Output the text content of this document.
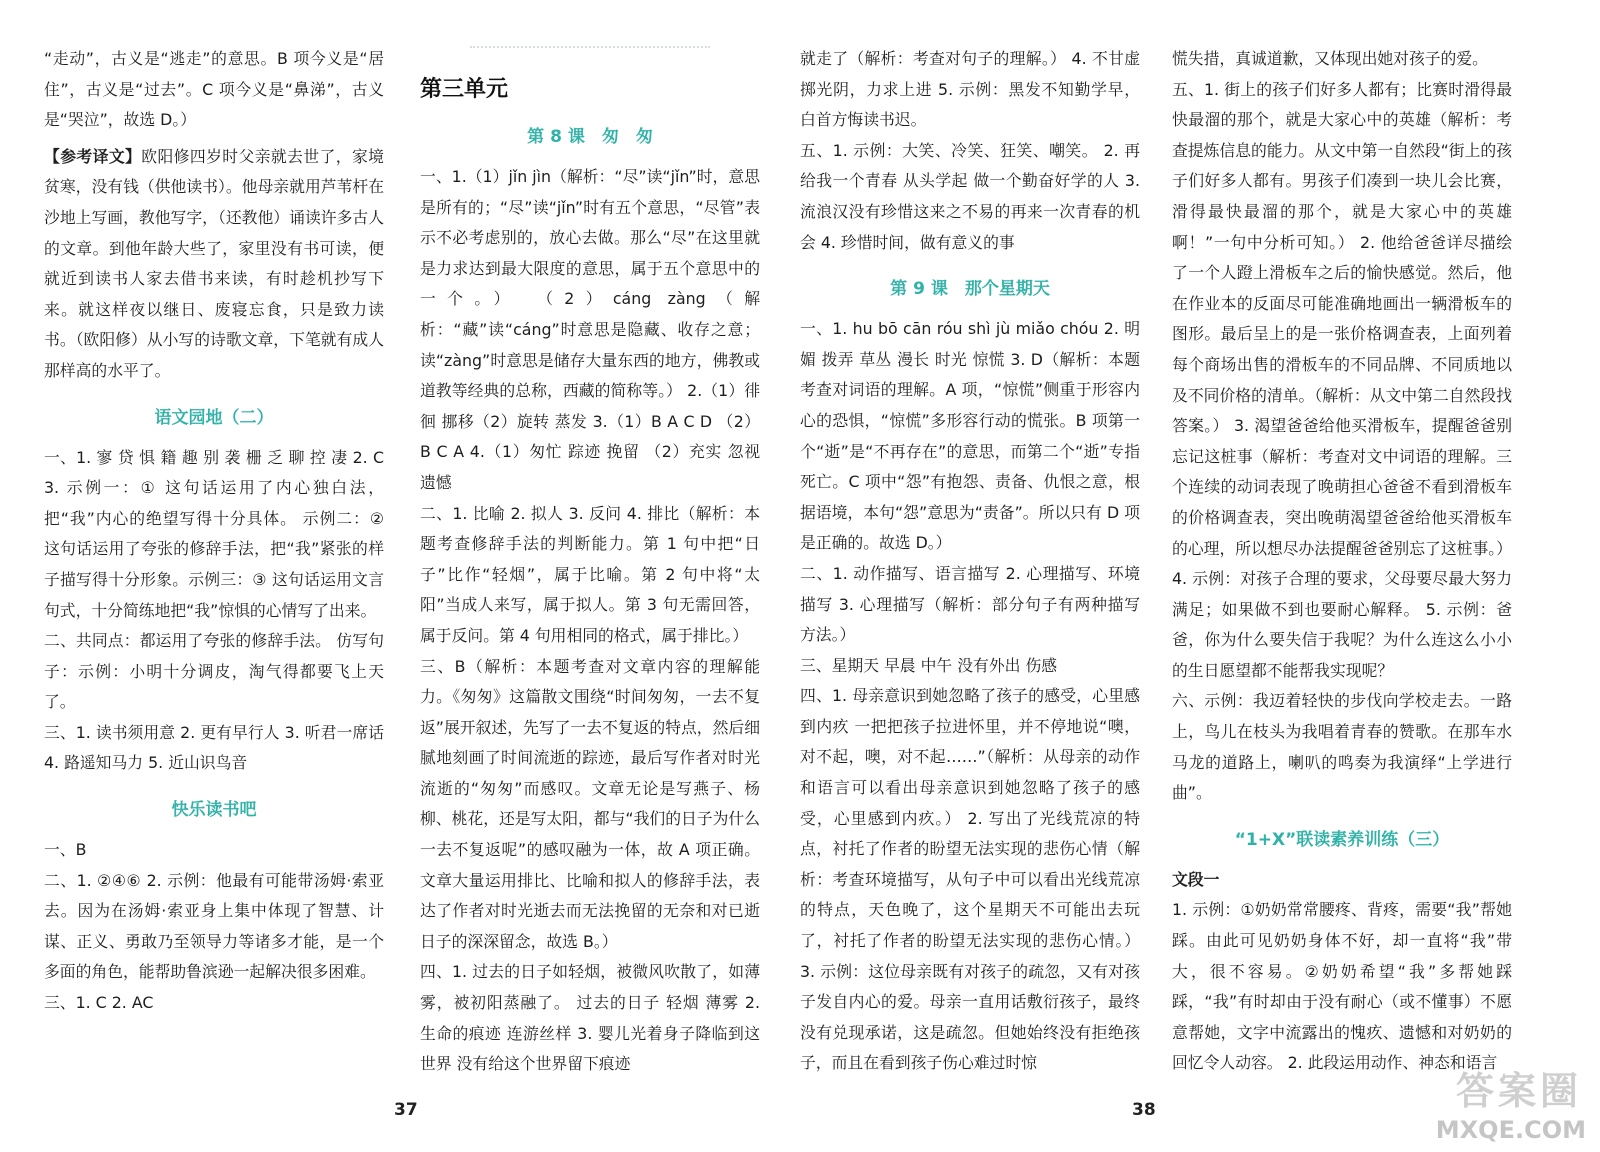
“走动”，古义是“逃走”的意思。B 项今义是“居住”，古义是“过去”。C 项今义是“鼻涕”，古义是“哭泣”，故选 D。）

【参考译文】欧阳修四岁时父亲就去世了，家境贫寒，没有钱（供他读书）。他母亲就用芦苇杆在沙地上写画，教他写字，（还教他）诵读许多古人的文章。到他年龄大些了，家里没有书可读，便就近到读书人家去借书来读，有时趁机抄写下来。就这样夜以继日、废寝忘食，只是致力读书。（欧阳修）从小写的诗歌文章，下笔就有成人那样高的水平了。

语文园地（二）

一、1. 寥 贷 惧 籍 趣 别 袭 栅 乏 聊 控 凄 2. C 3. 示例一：① 这句话运用了内心独白法，把“我”内心的绝望写得十分具体。 示例二：② 这句话运用了夸张的修辞手法，把“我”紧张的样子描写得十分形象。示例三：③ 这句话运用文言句式，十分简练地把“我”惊惧的心情写了出来。

二、共同点：都运用了夸张的修辞手法。 仿写句子：示例：小明十分调皮，淘气得都要飞上天了。

三、1. 读书须用意 2. 更有早行人 3. 听君一席话 4. 路遥知马力 5. 近山识鸟音

快乐读书吧

一、B

二、1. ②④⑥ 2. 示例：他最有可能带汤姆·索亚去。因为在汤姆·索亚身上集中体现了智慧、计谋、正义、勇敢乃至领导力等诸多才能，是一个多面的角色，能帮助鲁滨逊一起解决很多困难。

三、1. C 2. AC

第三单元
第 8 课　匆　匆

一、1.（1）jǐn jìn（解析：“尽”读“jǐn”时，意思是所有的；“尽”读“jǐn”时有五个意思，“尽管”表示不必考虑别的，放心去做。那么“尽”在这里就是力求达到最大限度的意思，属于五个意思中的一个。） （2）cáng zàng（解析：“藏”读“cáng”时意思是隐藏、收存之意；读“zàng”时意思是储存大量东西的地方，佛教或道教等经典的总称，西藏的简称等。） 2.（1）徘徊 挪移（2）旋转 蒸发 3.（1）B A C D （2）B C A 4.（1）匆忙 踪迹 挽留 （2）充实 忽视 遗憾

二、1. 比喻 2. 拟人 3. 反问 4. 排比（解析：本题考查修辞手法的判断能力。第 1 句中把“日子”比作“轻烟”，属于比喻。第 2 句中将“太阳”当成人来写，属于拟人。第 3 句无需回答，属于反问。第 4 句用相同的格式，属于排比。）

三、B（解析：本题考查对文章内容的理解能力。《匆匆》这篇散文围绕“时间匆匆，一去不复返”展开叙述，先写了一去不复返的特点，然后细腻地刻画了时间流逝的踪迹，最后写作者对时光流逝的“匆匆”而感叹。文章无论是写燕子、杨柳、桃花，还是写太阳，都与“我们的日子为什么一去不复返呢”的感叹融为一体，故 A 项正确。文章大量运用排比、比喻和拟人的修辞手法，表达了作者对时光逝去而无法挽留的无奈和对已逝日子的深深留念，故选 B。）

四、1. 过去的日子如轻烟，被微风吹散了，如薄雾，被初阳蒸融了。 过去的日子 轻烟 薄雾 2. 生命的痕迹 连游丝样 3. 婴儿光着身子降临到这世界 没有给这个世界留下痕迹

就走了（解析：考查对句子的理解。） 4. 不甘虚掷光阴，力求上进 5. 示例：黑发不知勤学早，白首方悔读书迟。

五、1. 示例：大笑、冷笑、狂笑、嘲笑。 2. 再给我一个青春 从头学起 做一个勤奋好学的人 3. 流浪汉没有珍惜这来之不易的再来一次青春的机会 4. 珍惜时间，做有意义的事

第 9 课　那个星期天

一、1. hu bō cān róu shì jù miǎo chóu 2. 明媚 拨弄 草丛 漫长 时光 惊慌 3. D（解析：本题考查对词语的理解。A 项，“惊慌”侧重于形容内心的恐惧，“惊慌”多形容行动的慌张。B 项第一个“逝”是“不再存在”的意思，而第二个“逝”专指死亡。C 项中“怨”有抱怨、责备、仇恨之意，根据语境，本句“怨”意思为“责备”。所以只有 D 项是正确的。故选 D。）

二、1. 动作描写、语言描写 2. 心理描写、环境描写 3. 心理描写（解析：部分句子有两种描写方法。）

三、星期天 早晨 中午 没有外出 伤感

四、1. 母亲意识到她忽略了孩子的感受，心里感到内疚 一把把孩子拉进怀里，并不停地说“噢，对不起，噢，对不起……”（解析：从母亲的动作和语言可以看出母亲意识到她忽略了孩子的感受，心里感到内疚。） 2. 写出了光线荒凉的特点，衬托了作者的盼望无法实现的悲伤心情（解析：考查环境描写，从句子中可以看出光线荒凉的特点，天色晚了，这个星期天不可能出去玩了，衬托了作者的盼望无法实现的悲伤心情。） 3. 示例：这位母亲既有对孩子的疏忽，又有对孩子发自内心的爱。母亲一直用话敷衍孩子，最终没有兑现承诺，这是疏忽。但她始终没有拒绝孩子，而且在看到孩子伤心难过时惊

慌失措，真诚道歉，又体现出她对孩子的爱。

五、1. 街上的孩子们好多人都有；比赛时滑得最快最溜的那个，就是大家心中的英雄（解析：考查提炼信息的能力。从文中第一自然段“街上的孩子们好多人都有。男孩子们凑到一块儿会比赛，滑得最快最溜的那个，就是大家心中的英雄啊！”一句中分析可知。） 2. 他给爸爸详尽描绘了一个人蹬上滑板车之后的愉快感觉。然后，他在作业本的反面尽可能准确地画出一辆滑板车的图形。最后呈上的是一张价格调查表，上面列着每个商场出售的滑板车的不同品牌、不同质地以及不同价格的清单。（解析：从文中第二自然段找答案。） 3. 渴望爸爸给他买滑板车，提醒爸爸别忘记这桩事（解析：考查对文中词语的理解。三个连续的动词表现了晚萌担心爸爸不看到滑板车的价格调查表，突出晚萌渴望爸爸给他买滑板车的心理，所以想尽办法提醒爸爸别忘了这桩事。） 4. 示例：对孩子合理的要求，父母要尽最大努力满足；如果做不到也要耐心解释。 5. 示例：爸爸，你为什么要失信于我呢？为什么连这么小小的生日愿望都不能帮我实现呢？

六、示例：我迈着轻快的步伐向学校走去。一路上，鸟儿在枝头为我唱着青春的赞歌。在那车水马龙的道路上，喇叭的鸣奏为我演绎“上学进行曲”。

“1+X”联读素养训练（三）

文段一

1. 示例：①奶奶常常腰疼、背疼，需要“我”帮她踩。由此可见奶奶身体不好，却一直将“我”带大，很不容易。②奶奶希望“我”多帮她踩踩，“我”有时却由于没有耐心（或不懂事）不愿意帮她，文字中流露出的愧疚、遗憾和对奶奶的回忆令人动容。 2. 此段运用动作、神态和语言

37	38	答案圈
MXQE.COM
